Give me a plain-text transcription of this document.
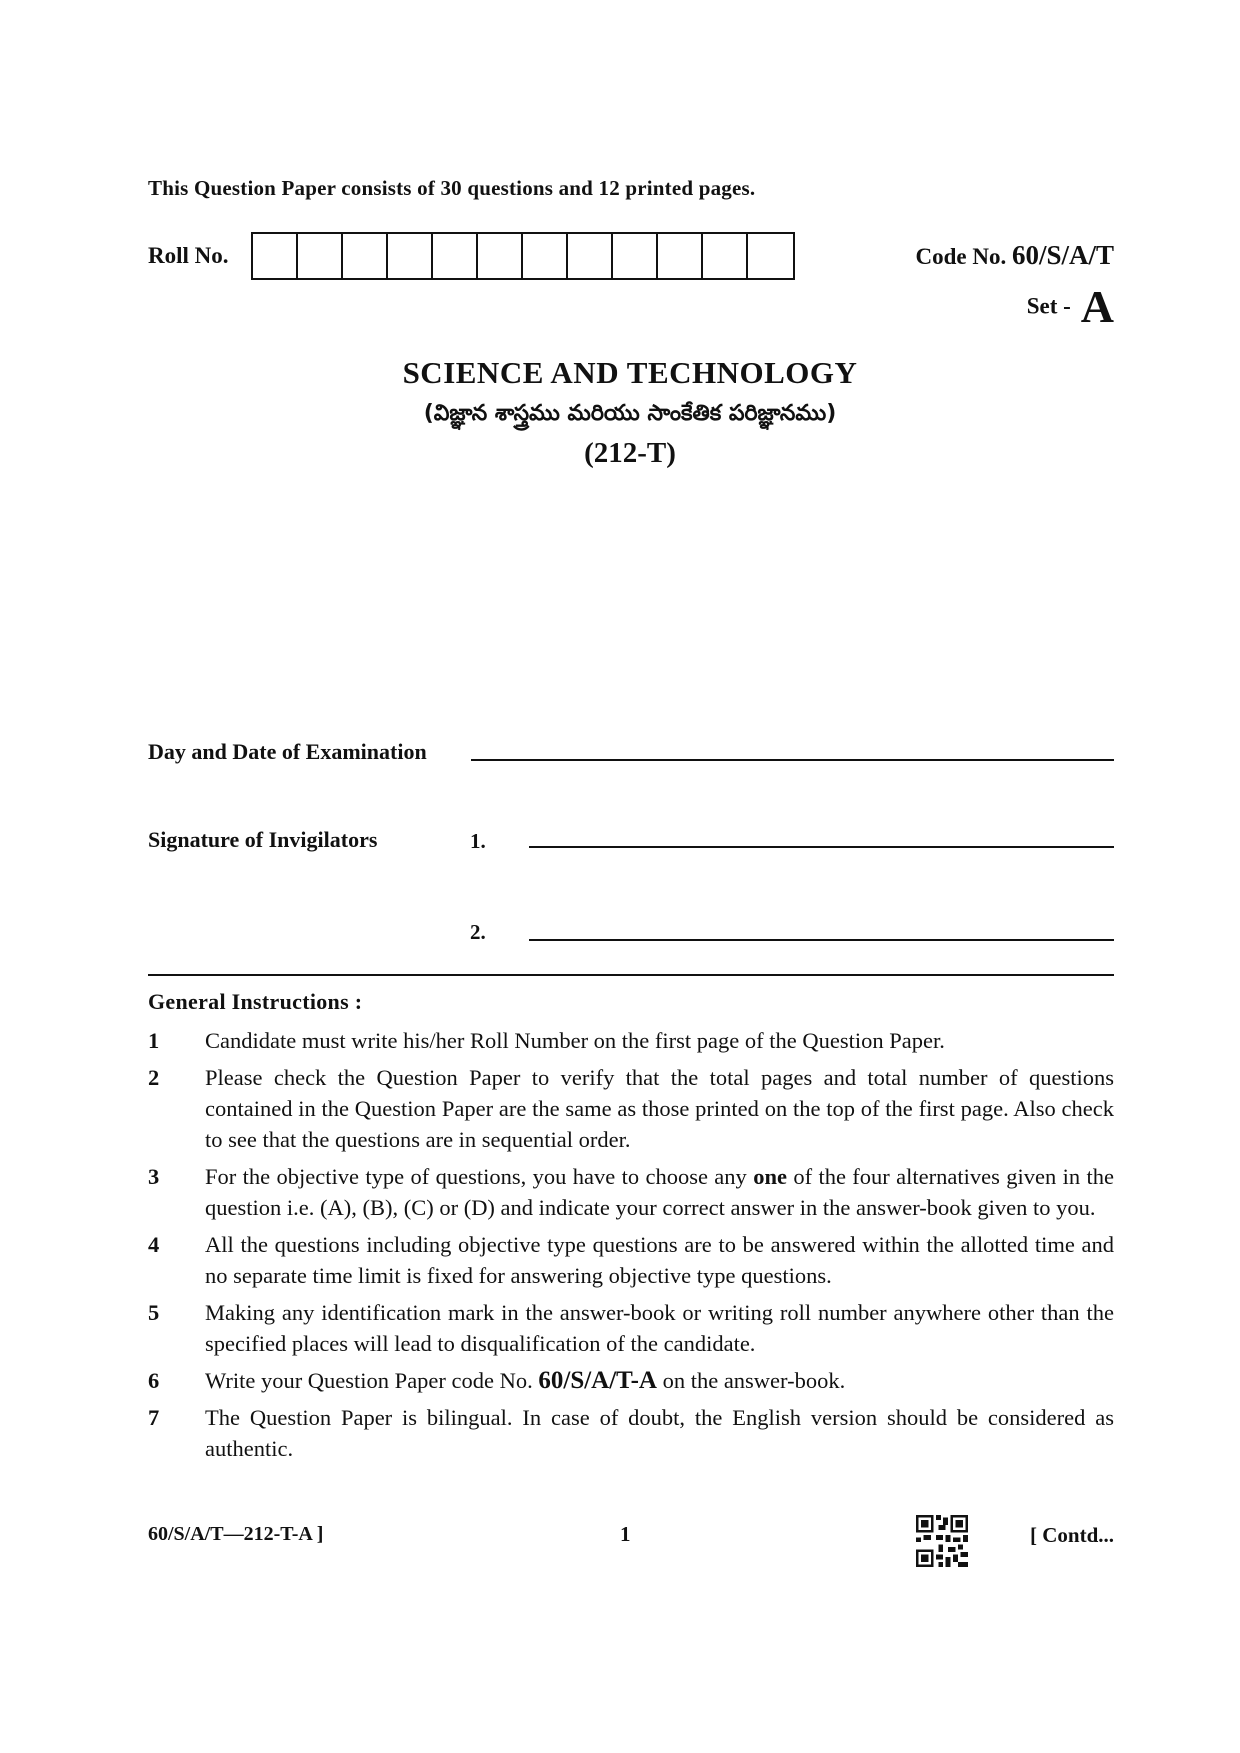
This Question Paper consists of 30 questions and 12 printed pages.
Roll No.	Code No. 60/S/A/T
Set - A
SCIENCE AND TECHNOLOGY
(విజ్ఞాన శాస్త్రము మరియు సాంకేతిక పరిజ్ఞానము)
(212-T)
Day and Date of Examination
Signature of Invigilators	1.
2.
General Instructions :
1	Candidate must write his/her Roll Number on the first page of the Question Paper.
2	Please check the Question Paper to verify that the total pages and total number of questions contained in the Question Paper are the same as those printed on the top of the first page. Also check to see that the questions are in sequential order.
3	For the objective type of questions, you have to choose any one of the four alternatives given in the question i.e. (A), (B), (C) or (D) and indicate your correct answer in the answer-book given to you.
4	All the questions including objective type questions are to be answered within the allotted time and no separate time limit is fixed for answering objective type questions.
5	Making any identification mark in the answer-book or writing roll number anywhere other than the specified places will lead to disqualification of the candidate.
6	Write your Question Paper code No. 60/S/A/T-A on the answer-book.
7	The Question Paper is bilingual. In case of doubt, the English version should be considered as authentic.
60/S/A/T—212-T-A ]	1	[ Contd...
